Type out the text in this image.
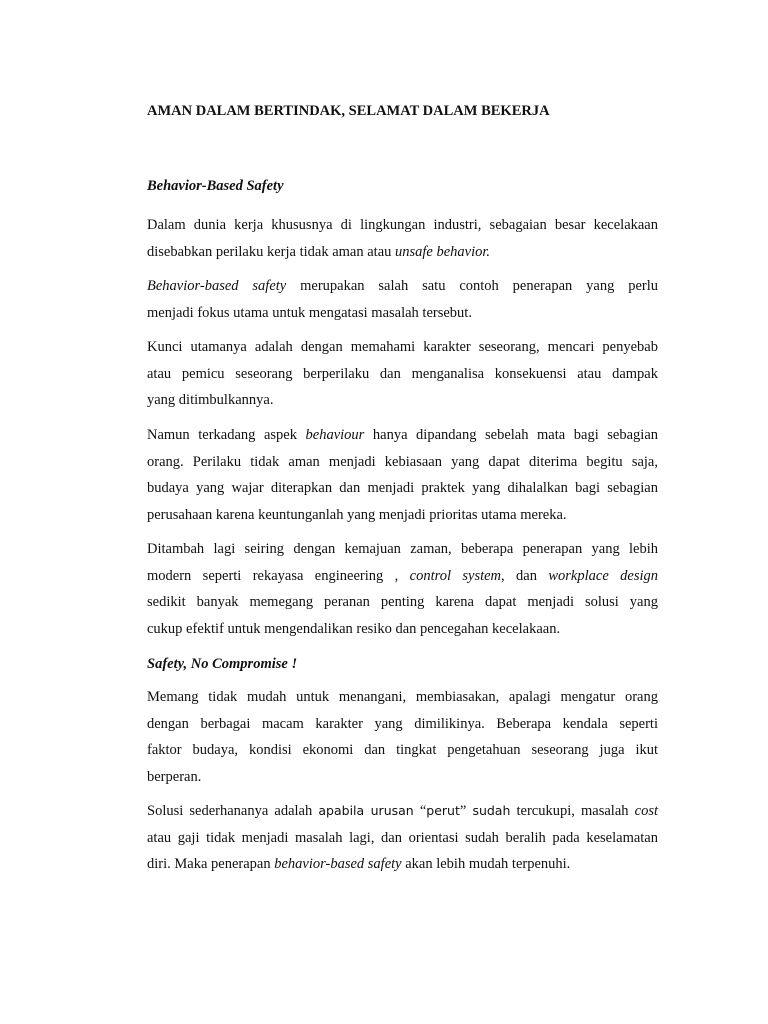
AMAN DALAM BERTINDAK, SELAMAT DALAM BEKERJA
Behavior-Based Safety
Dalam dunia kerja khususnya di lingkungan industri, sebagaian besar kecelakaan
disebabkan perilaku kerja tidak aman atau unsafe behavior.
Behavior-based safety merupakan salah satu contoh penerapan yang perlu
menjadi fokus utama untuk mengatasi masalah tersebut.
Kunci utamanya adalah dengan memahami karakter seseorang, mencari penyebab
atau pemicu seseorang berperilaku dan menganalisa konsekuensi atau dampak
yang ditimbulkannya.
Namun terkadang aspek behaviour hanya dipandang sebelah mata bagi sebagian
orang. Perilaku tidak aman menjadi kebiasaan yang dapat diterima begitu saja,
budaya yang wajar diterapkan dan menjadi praktek yang dihalalkan bagi sebagian
perusahaan karena keuntunganlah yang menjadi prioritas utama mereka.
Ditambah lagi seiring dengan kemajuan zaman, beberapa penerapan yang lebih
modern seperti rekayasa engineering , control system, dan workplace design
sedikit banyak memegang peranan penting karena dapat menjadi solusi yang
cukup efektif untuk mengendalikan resiko dan pencegahan kecelakaan.
Safety, No Compromise !
Memang tidak mudah untuk menangani, membiasakan, apalagi mengatur orang
dengan berbagai macam karakter yang dimilikinya. Beberapa kendala seperti
faktor budaya, kondisi ekonomi dan tingkat pengetahuan seseorang juga ikut
berperan.
Solusi sederhananya adalah apabila urusan “perut” sudah tercukupi, masalah cost
atau gaji tidak menjadi masalah lagi, dan orientasi sudah beralih pada keselamatan
diri. Maka penerapan behavior-based safety akan lebih mudah terpenuhi.
